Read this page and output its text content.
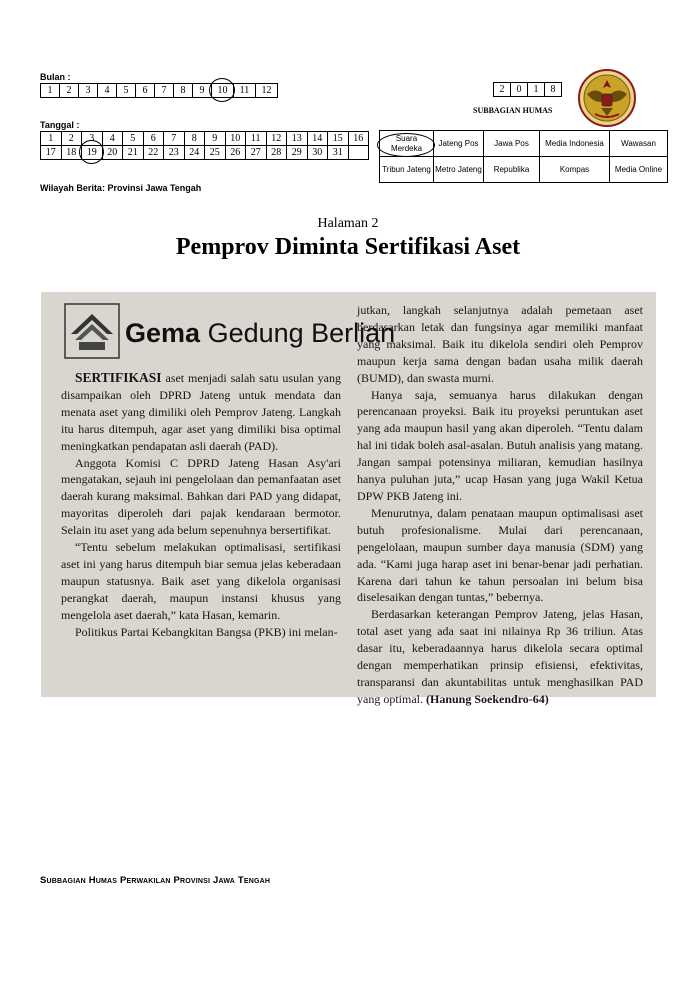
Bulan :
1	2	3	4	5	6	7	8	9	10	11	12
Tanggal :
1	2	3	4	5	6	7	8	9	10	11	12	13	14	15	16
17	18	19	20	21	22	23	24	25	26	27	28	29	30	31	
Wilayah Berita: Provinsi Jawa Tengah
2	0	1	8
SUBBAGIAN HUMAS
Suara Merdeka	Jateng Pos	Jawa Pos	Media Indonesia	Wawasan
Tribun Jateng	Metro Jateng	Republika	Kompas	Media Online
Halaman 2
Pemprov Diminta Sertifikasi Aset
Gema Gedung Berlian

SERTIFIKASI aset menjadi salah satu usulan yang disampaikan oleh DPRD Jateng untuk mendata dan menata aset yang dimiliki oleh Pemprov Jateng. Langkah itu harus ditempuh, agar aset yang dimiliki bisa optimal meningkatkan pendapatan asli daerah (PAD).

Anggota Komisi C DPRD Jateng Hasan Asy'ari mengatakan, sejauh ini pengelolaan dan pemanfaatan aset daerah kurang maksimal. Bahkan dari PAD yang didapat, mayoritas diperoleh dari pajak kendaraan bermotor. Selain itu aset yang ada belum sepenuhnya bersertifikat.

“Tentu sebelum melakukan optimalisasi, sertifikasi aset ini yang harus ditempuh biar semua jelas keberadaan maupun statusnya. Baik aset yang dikelola organisasi perangkat daerah, maupun instansi khusus yang mengelola aset daerah,” kata Hasan, kemarin.

Politikus Partai Kebangkitan Bangsa (PKB) ini melan-

jutkan, langkah selanjutnya adalah pemetaan aset berdasarkan letak dan fungsinya agar memiliki manfaat yang maksimal. Baik itu dikelola sendiri oleh Pemprov maupun kerja sama dengan badan usaha milik daerah (BUMD), dan swasta murni.

Hanya saja, semuanya harus dilakukan dengan perencanaan proyeksi. Baik itu proyeksi peruntukan aset yang ada maupun hasil yang akan diperoleh. “Tentu dalam hal ini tidak boleh asal-asalan. Butuh analisis yang matang. Jangan sampai potensinya miliaran, kemudian hasilnya hanya puluhan juta,” ucap Hasan yang juga Wakil Ketua DPW PKB Jateng ini.

Menurutnya, dalam penataan maupun optimalisasi aset butuh profesionalisme. Mulai dari perencanaan, pengelolaan, maupun sumber daya manusia (SDM) yang ada. “Kami juga harap aset ini benar-benar jadi perhatian. Karena dari tahun ke tahun persoalan ini belum bisa diselesaikan dengan tuntas,” bebernya.

Berdasarkan keterangan Pemprov Jateng, jelas Hasan, total aset yang ada saat ini nilainya Rp 36 triliun. Atas dasar itu, keberadaannya harus dikelola secara optimal dengan memperhatikan prinsip efisiensi, efektivitas, transparansi dan akuntabilitas untuk menghasilkan PAD yang optimal. (Hanung Soekendro-64)

Subbagian Humas Perwakilan Provinsi Jawa Tengah
